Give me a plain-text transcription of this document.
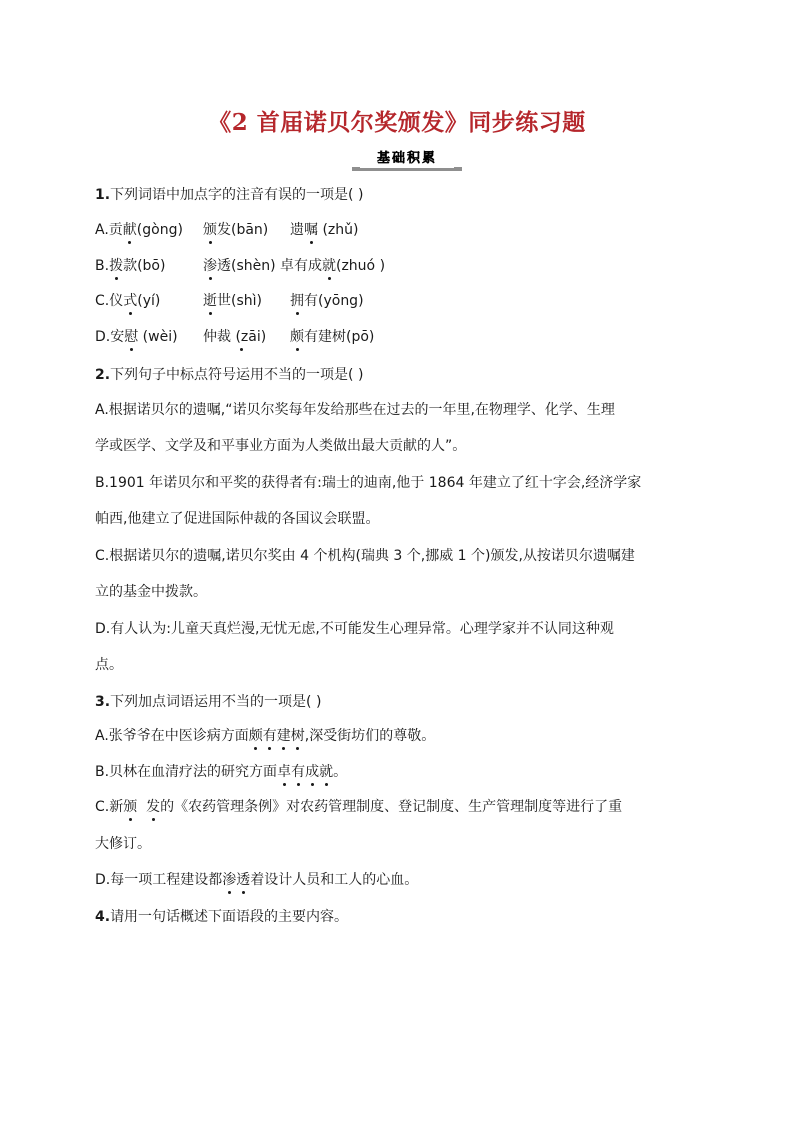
《2 首届诺贝尔奖颁发》同步练习题
基础积累
1.下列词语中加点字的注音有误的一项是( )
A.贡献(gòng) 颁发(bān) 遗嘱 (zhǔ)
B.拨款(bō)	渗透(shèn) 卓有成就(zhuó )
C.仪式(yí)	逝世(shì) 拥有(yōng)
D.安慰 (wèi) 仲裁 (zāi) 颇有建树(pō)
2.下列句子中标点符号运用不当的一项是( )
A.根据诺贝尔的遗嘱,“诺贝尔奖每年发给那些在过去的一年里,在物理学、化学、生理
学或医学、文学及和平事业方面为人类做出最大贡献的人”。
B.1901 年诺贝尔和平奖的获得者有:瑞士的迪南,他于 1864 年建立了红十字会,经济学家
帕西,他建立了促进国际仲裁的各国议会联盟。
C.根据诺贝尔的遗嘱,诺贝尔奖由 4 个机构(瑞典 3 个,挪威 1 个)颁发,从按诺贝尔遗嘱建
立的基金中拨款。
D.有人认为:儿童天真烂漫,无忧无虑,不可能发生心理异常。心理学家并不认同这种观
点。
3.下列加点词语运用不当的一项是( )
A.张爷爷在中医诊病方面颇有建树,深受街坊们的尊敬。
B.贝林在血清疗法的研究方面卓有成就。
C.新颁 发的《农药管理条例》对农药管理制度、登记制度、生产管理制度等进行了重
大修订。
D.每一项工程建设都渗透着设计人员和工人的心血。
4.请用一句话概述下面语段的主要内容。
